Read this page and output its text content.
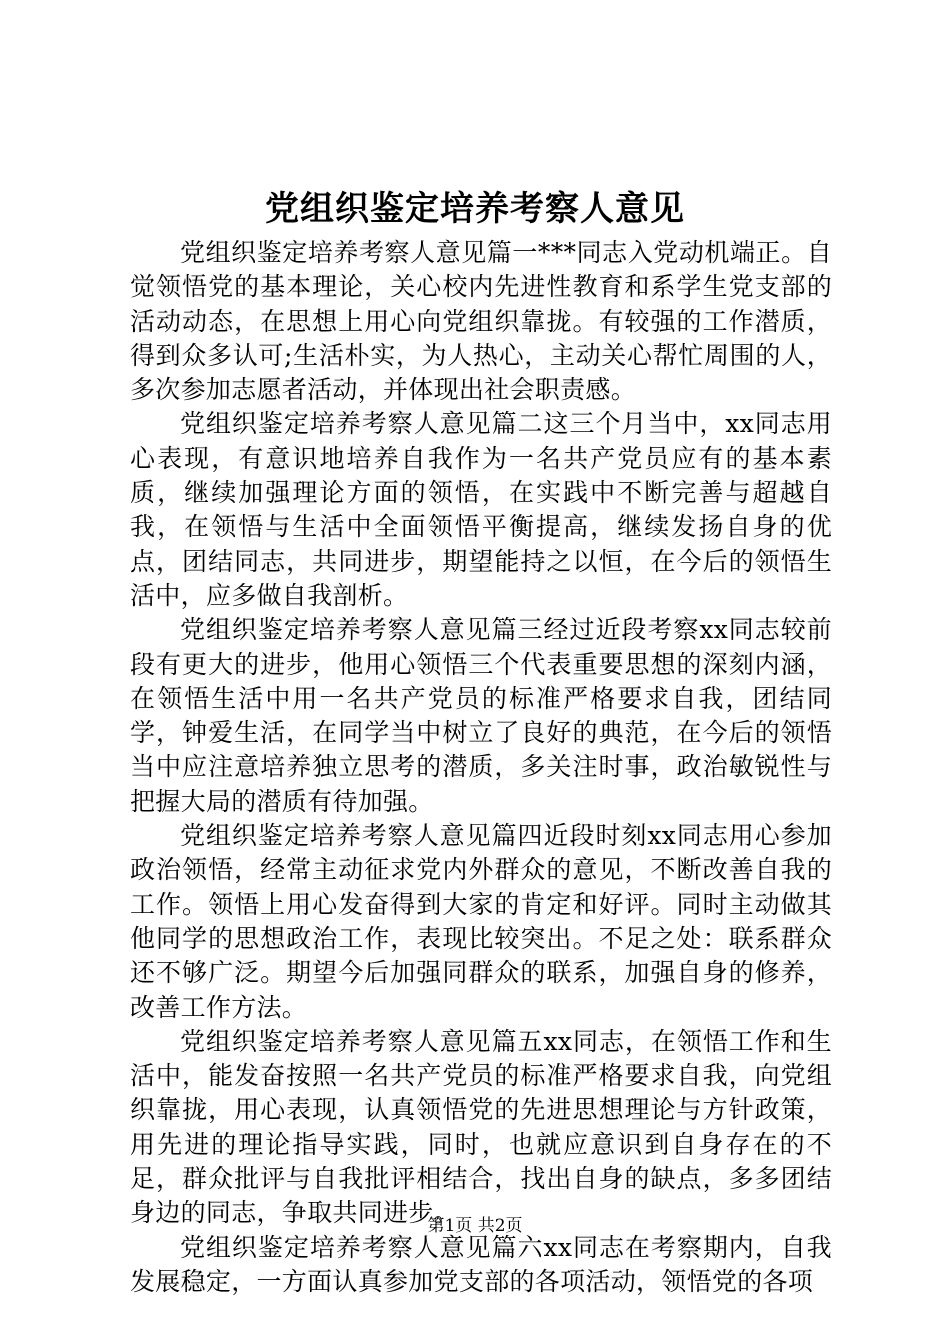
党组织鉴定培养考察人意见

党组织鉴定培养考察人意见篇一***同志入党动机端正。自觉领悟党的基本理论，关心校内先进性教育和系学生党支部的活动动态，在思想上用心向党组织靠拢。有较强的工作潜质，得到众多认可;生活朴实，为人热心，主动关心帮忙周围的人，多次参加志愿者活动，并体现出社会职责感。

党组织鉴定培养考察人意见篇二这三个月当中，xx同志用心表现，有意识地培养自我作为一名共产党员应有的基本素质，继续加强理论方面的领悟，在实践中不断完善与超越自我，在领悟与生活中全面领悟平衡提高，继续发扬自身的优点，团结同志，共同进步，期望能持之以恒，在今后的领悟生活中，应多做自我剖析。

党组织鉴定培养考察人意见篇三经过近段考察xx同志较前段有更大的进步，他用心领悟三个代表重要思想的深刻内涵，在领悟生活中用一名共产党员的标准严格要求自我，团结同学，钟爱生活，在同学当中树立了良好的典范，在今后的领悟当中应注意培养独立思考的潜质，多关注时事，政治敏锐性与把握大局的潜质有待加强。

党组织鉴定培养考察人意见篇四近段时刻xx同志用心参加政治领悟，经常主动征求党内外群众的意见，不断改善自我的工作。领悟上用心发奋得到大家的肯定和好评。同时主动做其他同学的思想政治工作，表现比较突出。不足之处：联系群众还不够广泛。期望今后加强同群众的联系，加强自身的修养，改善工作方法。

党组织鉴定培养考察人意见篇五xx同志，在领悟工作和生活中，能发奋按照一名共产党员的标准严格要求自我，向党组织靠拢，用心表现，认真领悟党的先进思想理论与方针政策，用先进的理论指导实践，同时，也就应意识到自身存在的不足，群众批评与自我批评相结合，找出自身的缺点，多多团结身边的同志，争取共同进步。

党组织鉴定培养考察人意见篇六xx同志在考察期内，自我发展稳定，一方面认真参加党支部的各项活动，领悟党的各项

第1页 共2页
